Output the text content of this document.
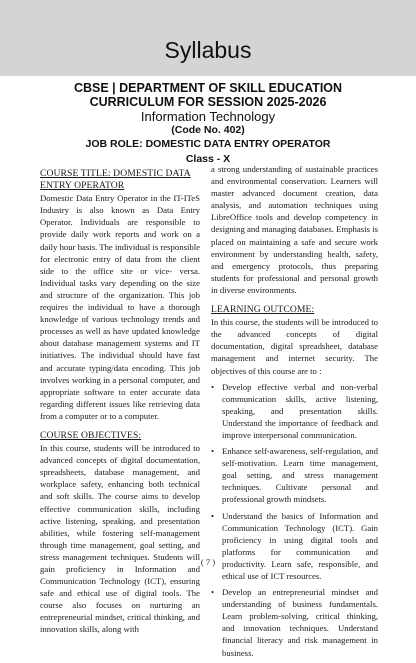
Syllabus
CBSE | DEPARTMENT OF SKILL EDUCATION
CURRICULUM FOR SESSION 2025-2026
Information Technology
(Code No. 402)
JOB ROLE: DOMESTIC DATA ENTRY OPERATOR
Class - X
COURSE TITLE: DOMESTIC DATA ENTRY OPERATOR

Domestic Data Entry Operator in the IT-ITeS Industry is also known as Data Entry Operator. Individuals are responsible to provide daily work reports and work on a daily hour basis. The individual is responsible for electronic entry of data from the client side to the office site or vice- versa. Individual tasks vary depending on the size and structure of the organization. This job requires the individual to have a thorough knowledge of various technology trends and processes as well as have updated knowledge about database management systems and IT initiatives. The individual should have fast and accurate typing/data encoding. This job involves working in a personal computer, and appropriate software to enter accurate data regarding different issues like retrieving data from a computer or to a computer.

COURSE OBJECTIVES:

In this course, students will be introduced to advanced concepts of digital documentation, spreadsheets, database management, and workplace safety, enhancing both technical and soft skills. The course aims to develop effective communication skills, including active listening, speaking, and presentation abilities, while fostering self-management through time management, goal setting, and stress management techniques. Students will gain proficiency in Information and Communication Technology (ICT), ensuring safe and ethical use of digital tools. The course also focuses on nurturing an entrepreneurial mindset, critical thinking, and innovation skills, along with

a strong understanding of sustainable practices and environmental conservation. Learners will master advanced document creation, data analysis, and automation techniques using LibreOffice tools and develop competency in designing and managing databases. Emphasis is placed on maintaining a safe and secure work environment by understanding health, safety, and emergency protocols, thus preparing students for professional and personal growth in diverse environments.

LEARNING OUTCOME:

In this course, the students will be introduced to the advanced concepts of digital documentation, digital spreadsheet, database management and internet security. The objectives of this course are to :

• Develop effective verbal and non-verbal communication skills, active listening, speaking, and presentation skills. Understand the importance of feedback and improve interpersonal communication.
• Enhance self-awareness, self-regulation, and self-motivation. Learn time management, goal setting, and stress management techniques. Cultivate personal and professional growth mindsets.
• Understand the basics of Information and Communication Technology (ICT). Gain proficiency in using digital tools and platforms for communication and productivity. Learn safe, responsible, and ethical use of ICT resources.
• Develop an entrepreneurial mindset and understanding of business fundamentals. Learn problem-solving, critical thinking, and innovation techniques. Understand financial literacy and risk management in business.
( 7 )
